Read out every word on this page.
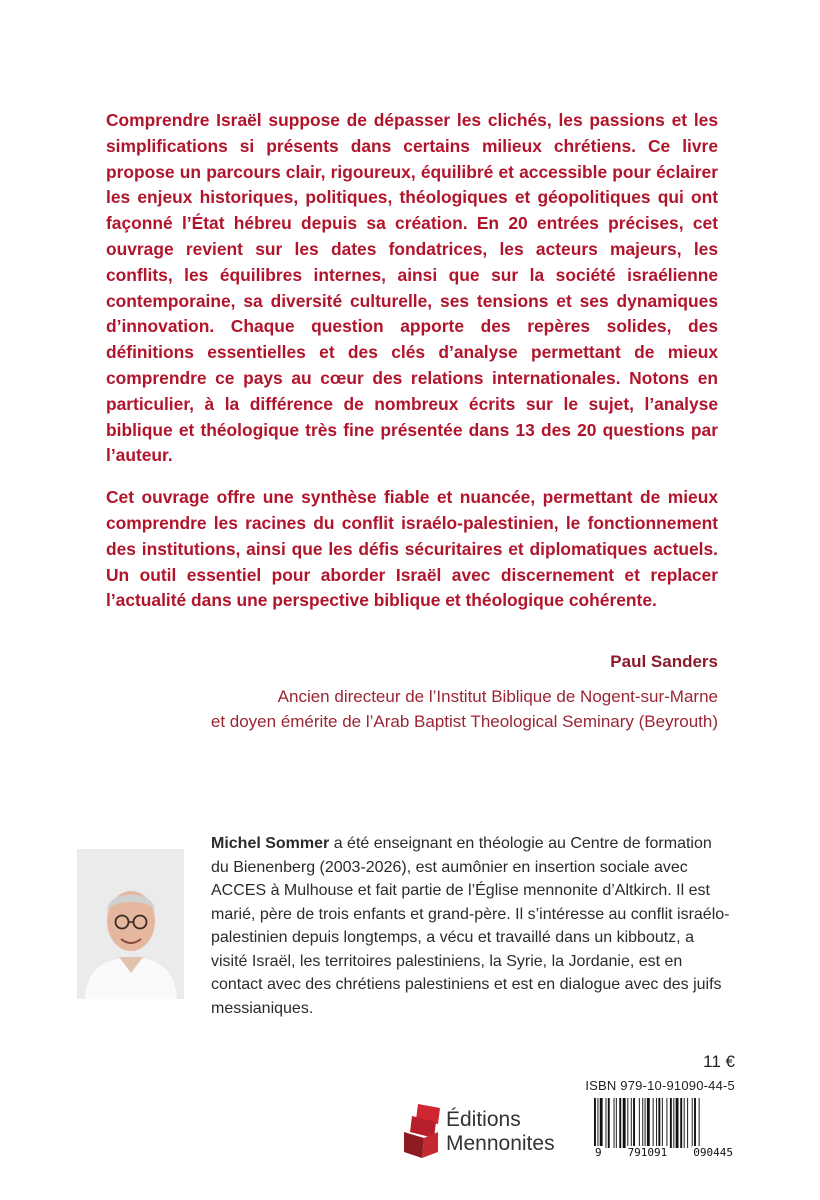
Comprendre Israël suppose de dépasser les clichés, les passions et les simplifications si présents dans certains milieux chrétiens. Ce livre propose un parcours clair, rigoureux, équilibré et accessible pour éclairer les enjeux historiques, politiques, théologiques et géopolitiques qui ont façonné l’État hébreu depuis sa création. En 20 entrées précises, cet ouvrage revient sur les dates fondatrices, les acteurs majeurs, les conflits, les équilibres internes, ainsi que sur la société israélienne contemporaine, sa diversité culturelle, ses tensions et ses dynamiques d’innovation. Chaque question apporte des repères solides, des définitions essentielles et des clés d’analyse permettant de mieux comprendre ce pays au cœur des relations internationales. Notons en particulier, à la différence de nombreux écrits sur le sujet, l’analyse biblique et théologique très fine présentée dans 13 des 20 questions par l’auteur.

Cet ouvrage offre une synthèse fiable et nuancée, permettant de mieux comprendre les racines du conflit israélo-palestinien, le fonctionnement des institutions, ainsi que les défis sécuritaires et diplomatiques actuels. Un outil essentiel pour aborder Israël avec discernement et replacer l’actualité dans une perspective biblique et théologique cohérente.

Paul Sanders
Ancien directeur de l’Institut Biblique de Nogent-sur-Marne
et doyen émérite de l’Arab Baptist Theological Seminary (Beyrouth)
Michel Sommer a été enseignant en théologie au Centre de formation du Bienenberg (2003-2026), est aumônier en insertion sociale avec ACCES à Mulhouse et fait partie de l’Église mennonite d’Altkirch. Il est marié, père de trois enfants et grand-père. Il s’intéresse au conflit israélo-palestinien depuis longtemps, a vécu et travaillé dans un kibboutz, a visité Israël, les territoires palestiniens, la Syrie, la Jordanie, est en contact avec des chrétiens palestiniens et est en dialogue avec des juifs messianiques.
11 €
ISBN 979-10-91090-44-5
9 791091 090445
Éditions
Mennonites
